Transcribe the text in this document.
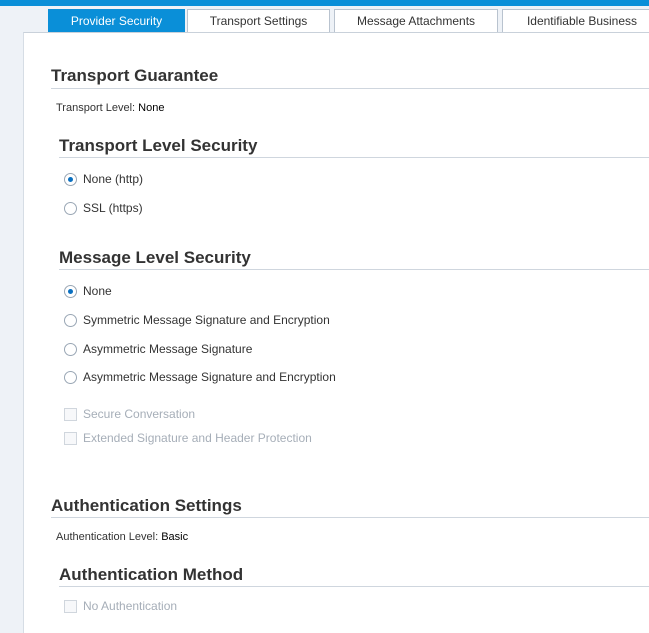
Provider Security	Transport Settings	Message Attachments	Identifiable Business
Transport Guarantee
Transport Level: None
Transport Level Security
None (http)
SSL (https)
Message Level Security
None
Symmetric Message Signature and Encryption
Asymmetric Message Signature
Asymmetric Message Signature and Encryption
Secure Conversation
Extended Signature and Header Protection
Authentication Settings
Authentication Level: Basic
Authentication Method
No Authentication
